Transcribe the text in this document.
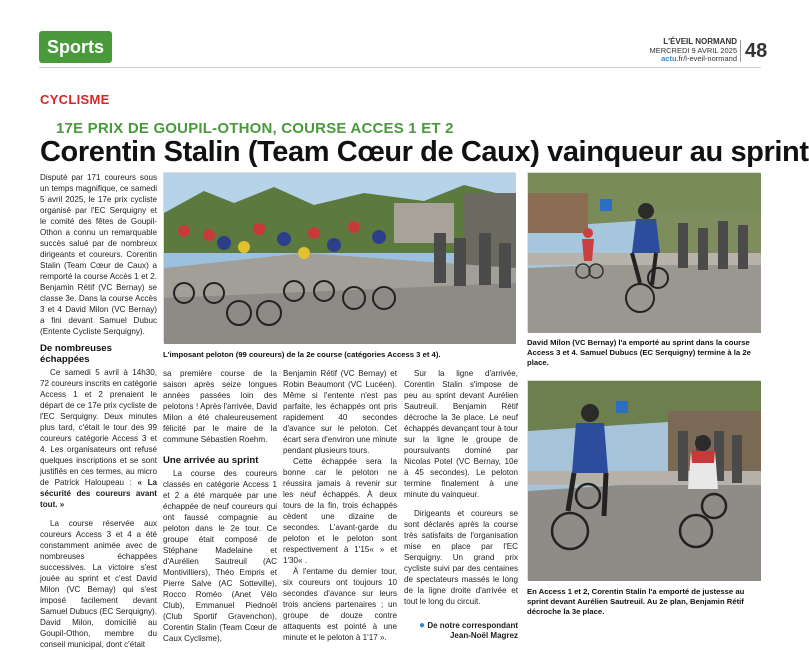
Sports	L'ÉVEIL NORMAND
MERCREDI 9 AVRIL 2025
actu.fr/l-eveil-normand 48
CYCLISME
17E PRIX DE GOUPIL-OTHON, COURSE ACCES 1 ET 2
Corentin Stalin (Team Cœur de Caux) vainqueur au sprint

Disputé par 171 coureurs sous un temps magnifique, ce samedi 5 avril 2025, le 17e prix cycliste organisé par l'EC Serquigny et le comité des fêtes de Goupil-Othon a connu un remarquable succès salué par de nombreux dirigeants et coureurs. Corentin Stalin (Team Cœur de Caux) a remporté la course Accès 1 et 2. Benjamin Rétif (VC Bernay) se classe 3e. Dans la course Accès 3 et 4 David Milon (VC Bernay) a fini devant Samuel Dubuc (Entente Cycliste Serquigny).

De nombreuses échappées

Ce samedi 5 avril à 14h30, 72 coureurs inscrits en catégorie Access 1 et 2 prenaient le départ de ce 17e prix cycliste de l'EC Serquigny. Deux minutes plus tard, c'était le tour des 99 coureurs catégorie Access 3 et 4. Les organisateurs ont refusé quelques inscriptions et se sont justifiés en ces termes, au micro de Patrick Haloupeau : « La sécurité des coureurs avant tout. »

La course réservée aux coureurs Access 3 et 4 a été constamment animée avec de nombreuses échappées successives. La victoire s'est jouée au sprint et c'est David Milon (VC Bernay) qui s'est imposé facilement devant Samuel Dubucs (EC Serquigny). David Milon, domicilié au Goupil-Othon, membre du conseil municipal, dont c'était

L'imposant peloton (99 coureurs) de la 2e course (catégories Access 3 et 4).

sa première course de la saison après seize longues années passées loin des pelotons ! Après l'arrivée, David Milon a été chaleureusement félicité par le maire de la commune Sébastien Roehm.

Une arrivée au sprint

La course des coureurs classés en catégorie Access 1 et 2 a été marquée par une échappée de neuf coureurs qui ont faussé compagnie au peloton dans le 2e tour. Ce groupe était composé de Stéphane Madelaine et d'Aurélien Sautreuil (AC Montivilliers), Théo Empris et Pierre Salve (AC Sotteville), Rocco Roméo (Anet Vélo Club), Emmanuel Piednoël (Club Sportif Gravenchon), Corentin Stalin (Team Cœur de Caux Cyclisme),

Benjamin Rétif (VC Bernay) et Robin Beaumont (VC Lucéen). Même si l'entente n'est pas parfaite, les échappés ont pris rapidement 40 secondes d'avance sur le peloton. Cet écart sera d'environ une minute pendant plusieurs tours.

Cette échappée sera la bonne car le peloton ne réussira jamais à revenir sur les neuf échappés. À deux tours de la fin, trois échappés cèdent une dizaine de secondes. L'avant-garde du peloton et le peloton sont respectivement à 1'15« » et 1'30« .

À l'entame du dernier tour, six coureurs ont toujours 10 secondes d'avance sur leurs trois anciens partenaires ; un groupe de douze contre attaquents est pointé à une minute et le peloton à 1'17 ».

Sur la ligne d'arrivée, Corentin Stalin s'impose de peu au sprint devant Aurélien Sautreuil. Benjamin Rétif décroche la 3e place. Le neuf échappés devançant tour à tour sur la ligne le groupe de poursuivants dominé par Nicolas Potel (VC Bernay, 10e à 45 secondes). Le peloton termine finalement à une minute du vainqueur.

Dirigeants et coureurs se sont déclarés après la course très satisfaits de l'organisation mise en place par l'EC Serquigny. Un grand prix cycliste suivi par des centaines de spectateurs massés le long de la ligne droite d'arrivée et tout le long du circuit.

● De notre correspondant

Jean-Noël Magrez

David Milon (VC Bernay) l'a emporté au sprint dans la course Access 3 et 4. Samuel Dubucs (EC Serquigny) termine à la 2e place.
En Access 1 et 2, Corentin Stalin l'a emporté de justesse au sprint devant Aurélien Sautreuil. Au 2e plan, Benjamin Rétif décroche la 3e place.
